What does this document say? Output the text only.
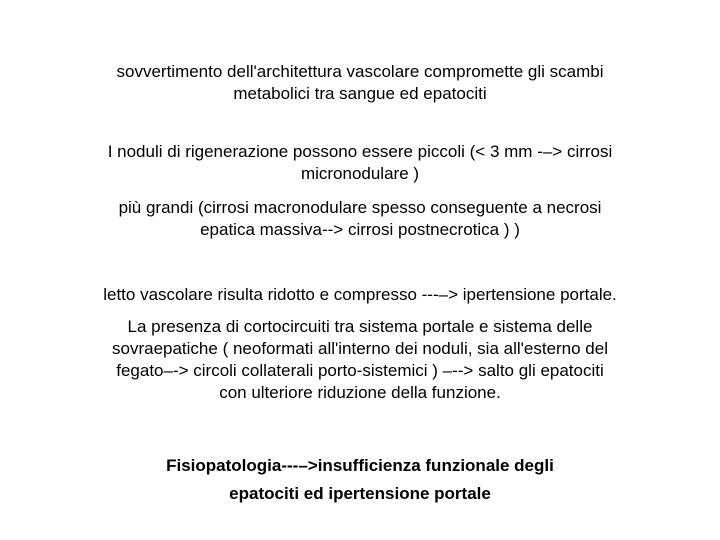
sovvertimento dell'architettura vascolare compromette gli scambi
metabolici tra sangue ed epatociti
I noduli di rigenerazione possono essere piccoli (< 3 mm -–> cirrosi
micronodulare )
più grandi (cirrosi macronodulare spesso conseguente a necrosi
epatica massiva--> cirrosi postnecrotica ) )
letto vascolare risulta ridotto e compresso ---–> ipertensione portale.
La presenza di cortocircuiti tra sistema portale e sistema delle
sovraepatiche ( neoformati all'interno dei noduli, sia all'esterno del
fegato–-> circoli collaterali porto-sistemici ) –--> salto gli epatociti
con ulteriore riduzione della funzione.
Fisiopatologia---–>insufficienza funzionale degli
epatociti ed ipertensione portale
